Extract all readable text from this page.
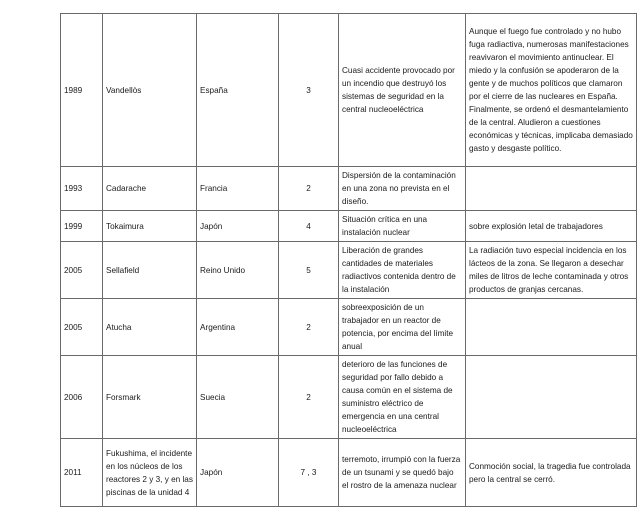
1989	Vandellòs	España	3	Cuasi accidente provocado por un incendio que destruyó los sistemas de seguridad en la central nucleoeléctrica	Aunque el fuego fue controlado y no hubo fuga radiactiva, numerosas manifestaciones reavivaron el movimiento antinuclear. El miedo y la confusión se apoderaron de la gente y de muchos políticos que clamaron por el cierre de las nucleares en España. Finalmente, se ordenó el desmantelamiento de la central. Aludieron a cuestiones económicas y técnicas, implicaba demasiado gasto y desgaste político.
1993	Cadarache	Francia	2	Dispersión de la contaminación en una zona no prevista en el diseño.	
1999	Tokaimura	Japón	4	Situación crítica en una instalación nuclear	sobre explosión letal de trabajadores
2005	Sellafield	Reino Unido	5	Liberación de grandes cantidades de materiales radiactivos contenida dentro de la instalación	La radiación tuvo especial incidencia en los lácteos de la zona. Se llegaron a desechar miles de litros de leche contaminada y otros productos de granjas cercanas.
2005	Atucha	Argentina	2	sobreexposición de un trabajador en un reactor de potencia, por encima del límite anual	
2006	Forsmark	Suecia	2	deterioro de las funciones de seguridad por fallo debido a causa común en el sistema de suministro eléctrico de emergencia en una central nucleoeléctrica	
2011	Fukushima, el incidente en los núcleos de los reactores 2 y 3, y en las piscinas de la unidad 4	Japón	7 , 3	terremoto, irrumpió con la fuerza de un tsunami y se quedó bajo el rostro de la amenaza nuclear	Conmoción social, la tragedia fue controlada pero la central se cerró.
